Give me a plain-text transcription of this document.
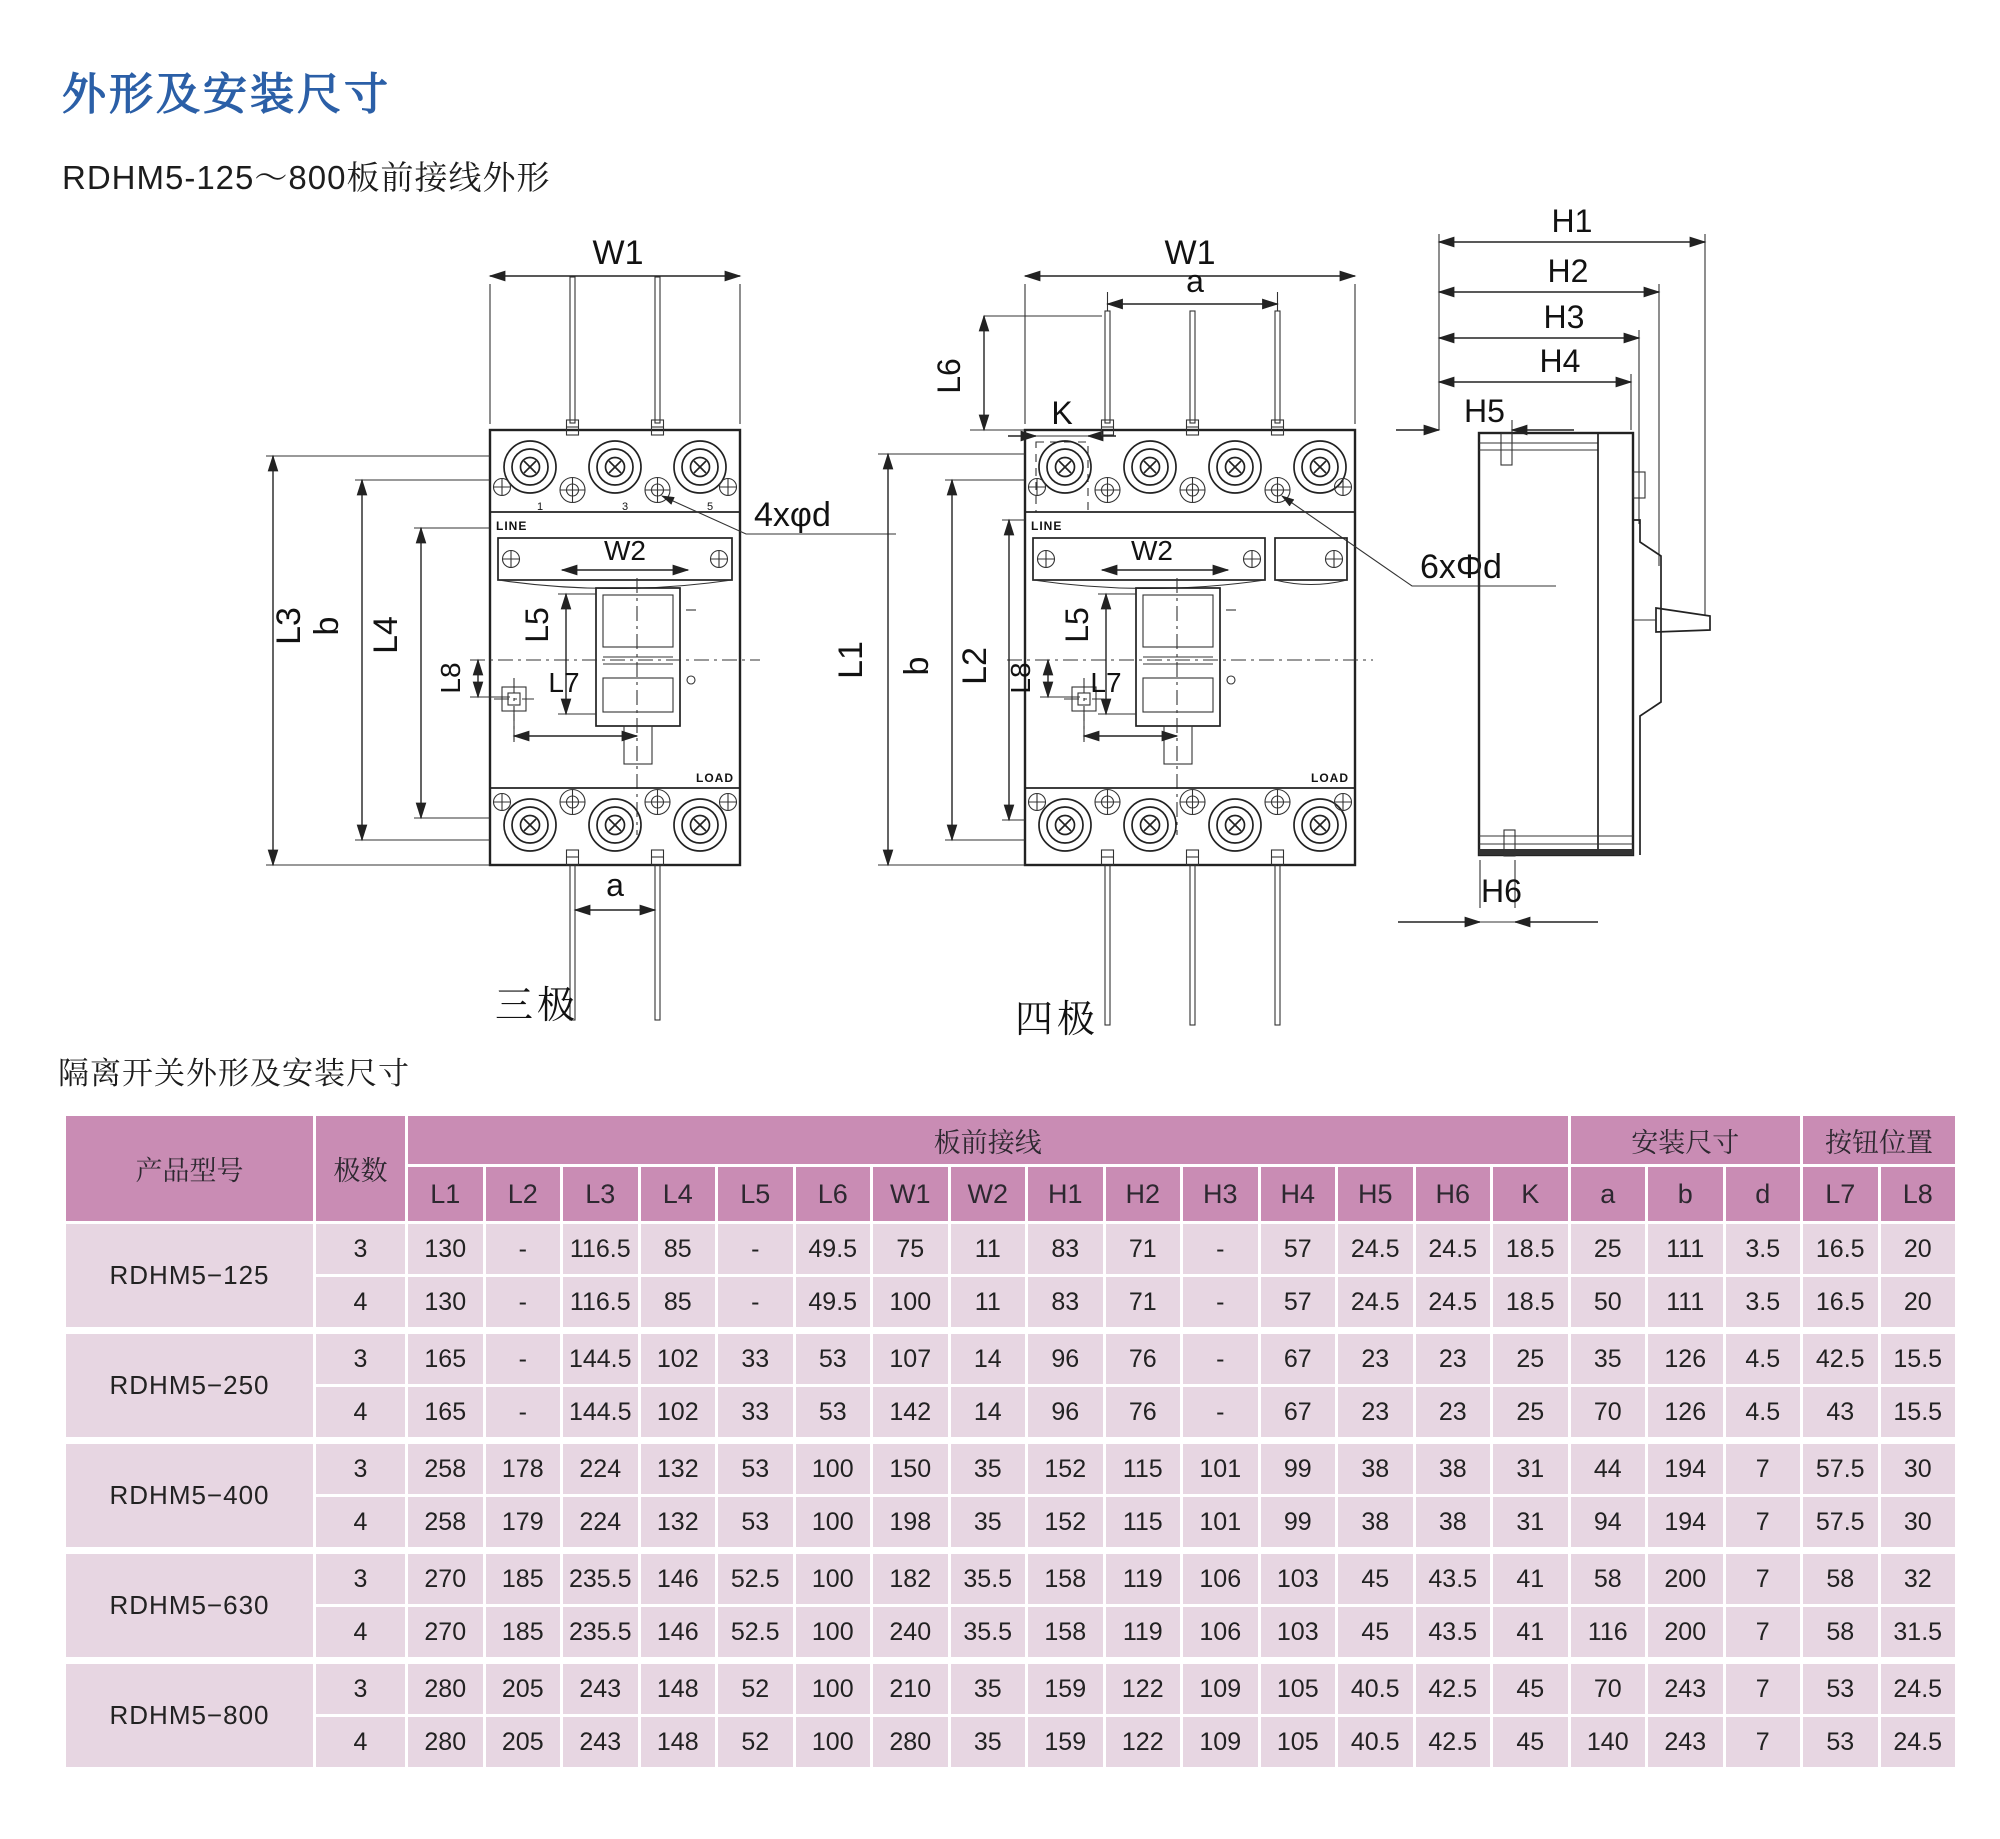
外形及安装尺寸
RDHM5-125～800板前接线外形
W1
1	3	5
LINE
W2
L5
L8	L7
L3 b L4
LOAD
a
4xφd
三极
W1
a
L6
K
LINE
6xΦd
W2
L5
L8 L7
L1 b L2
LOAD
四极
H1
H2
H3
H4
H5
H6
隔离开关外形及安装尺寸
产品型号	极数	板前接线															安装尺寸			按钮位置	
		L1	L2	L3	L4	L5	L6	W1	W2	H1	H2	H3	H4	H5	H6	K	a	b	d	L7	L8
RDHM5−125	3	130	-	116.5	85	-	49.5	75	11	83	71	-	57	24.5	24.5	18.5	25	111	3.5	16.5	20
	4	130	-	116.5	85	-	49.5	100	11	83	71	-	57	24.5	24.5	18.5	50	111	3.5	16.5	20
RDHM5−250	3	165	-	144.5	102	33	53	107	14	96	76	-	67	23	23	25	35	126	4.5	42.5	15.5
	4	165	-	144.5	102	33	53	142	14	96	76	-	67	23	23	25	70	126	4.5	43	15.5
RDHM5−400	3	258	178	224	132	53	100	150	35	152	115	101	99	38	38	31	44	194	7	57.5	30
	4	258	179	224	132	53	100	198	35	152	115	101	99	38	38	31	94	194	7	57.5	30
RDHM5−630	3	270	185	235.5	146	52.5	100	182	35.5	158	119	106	103	45	43.5	41	58	200	7	58	32
	4	270	185	235.5	146	52.5	100	240	35.5	158	119	106	103	45	43.5	41	116	200	7	58	31.5
RDHM5−800	3	280	205	243	148	52	100	210	35	159	122	109	105	40.5	42.5	45	70	243	7	53	24.5
	4	280	205	243	148	52	100	280	35	159	122	109	105	40.5	42.5	45	140	243	7	53	24.5
